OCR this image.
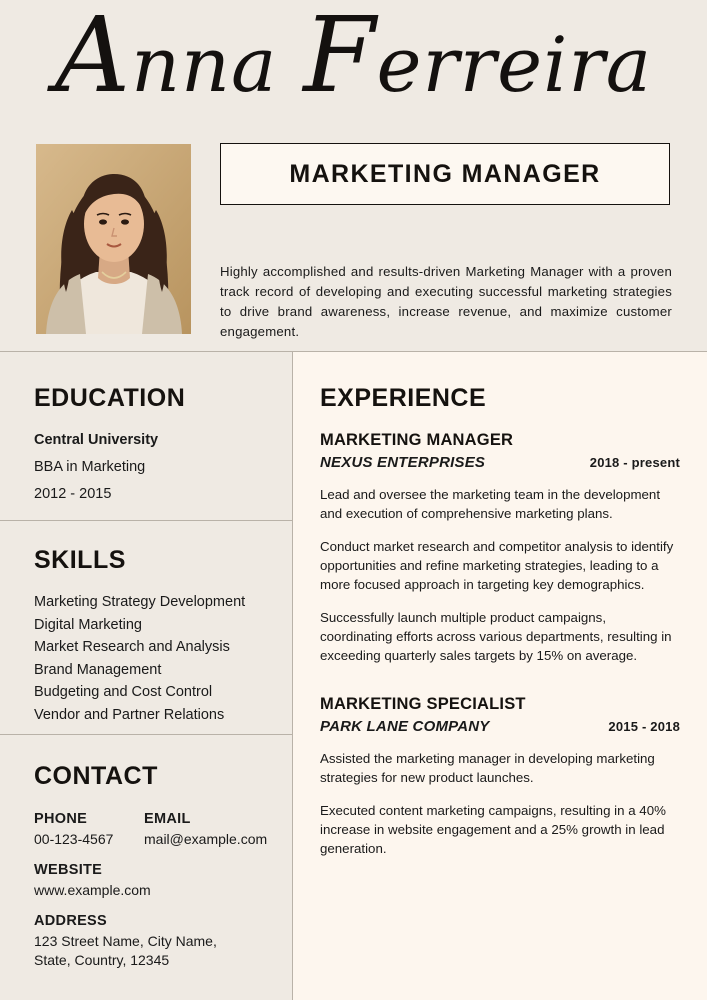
Anna Ferreira
MARKETING MANAGER
Highly accomplished and results-driven Marketing Manager with a proven track record of developing and executing successful marketing strategies to drive brand awareness, increase revenue, and maximize customer engagement.
EDUCATION
Central University
BBA in Marketing
2012 - 2015
SKILLS
Marketing Strategy Development
Digital Marketing
Market Research and Analysis
Brand Management
Budgeting and Cost Control
Vendor and Partner Relations
CONTACT
PHONE
00-123-4567
EMAIL
mail@example.com
WEBSITE
www.example.com
ADDRESS
123 Street Name, City Name,
State, Country, 12345
EXPERIENCE
MARKETING MANAGER
NEXUS ENTERPRISES	2018 - present
Lead and oversee the marketing team in the development and execution of comprehensive marketing plans.
Conduct market research and competitor analysis to identify opportunities and refine marketing strategies, leading to a more focused approach in targeting key demographics.
Successfully launch multiple product campaigns, coordinating efforts across various departments, resulting in exceeding quarterly sales targets by 15% on average.
MARKETING SPECIALIST
PARK LANE COMPANY	2015 - 2018
Assisted the marketing manager in developing marketing strategies for new product launches.
Executed content marketing campaigns, resulting in a 40% increase in website engagement and a 25% growth in lead generation.
